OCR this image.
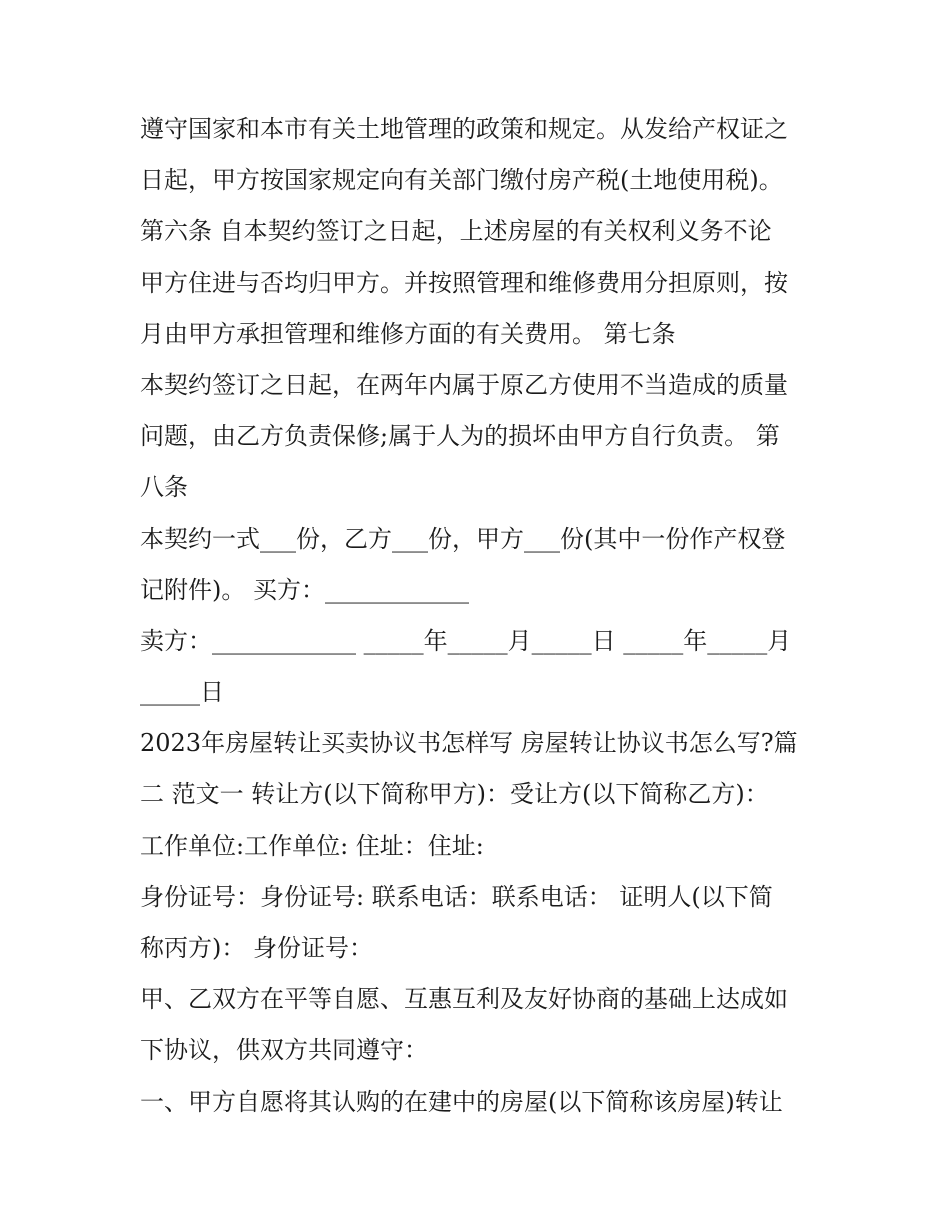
遵守国家和本市有关土地管理的政策和规定。从发给产权证之
日起，甲方按国家规定向有关部门缴付房产税(土地使用税)。
第六条 自本契约签订之日起，上述房屋的有关权利义务不论
甲方住进与否均归甲方。并按照管理和维修费用分担原则，按
月由甲方承担管理和维修方面的有关费用。 第七条
本契约签订之日起，在两年内属于原乙方使用不当造成的质量
问题，由乙方负责保修;属于人为的损坏由甲方自行负责。 第
八条
本契约一式___份，乙方___份，甲方___份(其中一份作产权登
记附件)。 买方：____________
卖方：____________ _____年_____月_____日 _____年_____月
_____日
2023年房屋转让买卖协议书怎样写 房屋转让协议书怎么写?篇
二 范文一 转让方(以下简称甲方)：受让方(以下简称乙方)：
工作单位:工作单位: 住址：住址:
身份证号：身份证号: 联系电话：联系电话： 证明人(以下简
称丙方)： 身份证号：
甲、乙双方在平等自愿、互惠互利及友好协商的基础上达成如
下协议，供双方共同遵守：
一、甲方自愿将其认购的在建中的房屋(以下简称该房屋)转让
